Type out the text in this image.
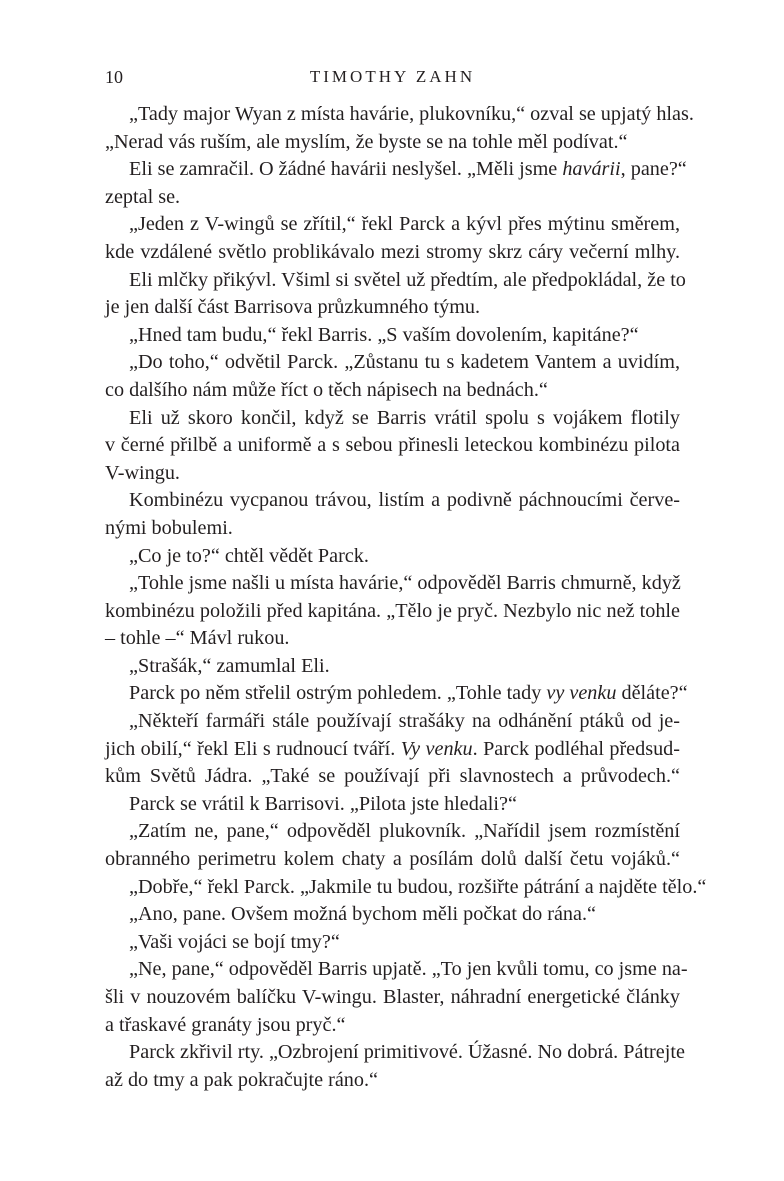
10	TIMOTHY ZAHN
„Tady major Wyan z místa havárie, plukovníku,“ ozval se upjatý hlas.
„Nerad vás ruším, ale myslím, že byste se na tohle měl podívat.“
Eli se zamračil. O žádné havárii neslyšel. „Měli jsme havárii, pane?“
zeptal se.
„Jeden z V-wingů se zřítil,“ řekl Parck a kývl přes mýtinu směrem,
kde vzdálené světlo problikávalo mezi stromy skrz cáry večerní mlhy.
Eli mlčky přikývl. Všiml si světel už předtím, ale předpokládal, že to
je jen další část Barrisova průzkumného týmu.
„Hned tam budu,“ řekl Barris. „S vaším dovolením, kapitáne?“
„Do toho,“ odvětil Parck. „Zůstanu tu s kadetem Vantem a uvidím,
co dalšího nám může říct o těch nápisech na bednách.“
Eli už skoro končil, když se Barris vrátil spolu s vojákem flotily
v černé přilbě a uniformě a s sebou přinesli leteckou kombinézu pilota
V-wingu.
Kombinézu vycpanou trávou, listím a podivně páchnoucími červe-
nými bobulemi.
„Co je to?“ chtěl vědět Parck.
„Tohle jsme našli u místa havárie,“ odpověděl Barris chmurně, když
kombinézu položili před kapitána. „Tělo je pryč. Nezbylo nic než tohle
– tohle –“ Mávl rukou.
„Strašák,“ zamumlal Eli.
Parck po něm střelil ostrým pohledem. „Tohle tady vy venku děláte?“
„Někteří farmáři stále používají strašáky na odhánění ptáků od je-
jich obilí,“ řekl Eli s rudnoucí tváří. Vy venku. Parck podléhal předsud-
kům Světů Jádra. „Také se používají při slavnostech a průvodech.“
Parck se vrátil k Barrisovi. „Pilota jste hledali?“
„Zatím ne, pane,“ odpověděl plukovník. „Nařídil jsem rozmístění
obranného perimetru kolem chaty a posílám dolů další četu vojáků.“
„Dobře,“ řekl Parck. „Jakmile tu budou, rozšiřte pátrání a najděte tělo.“
„Ano, pane. Ovšem možná bychom měli počkat do rána.“
„Vaši vojáci se bojí tmy?“
„Ne, pane,“ odpověděl Barris upjatě. „To jen kvůli tomu, co jsme na-
šli v nouzovém balíčku V-wingu. Blaster, náhradní energetické články
a třaskavé granáty jsou pryč.“
Parck zkřivil rty. „Ozbrojení primitivové. Úžasné. No dobrá. Pátrejte
až do tmy a pak pokračujte ráno.“
